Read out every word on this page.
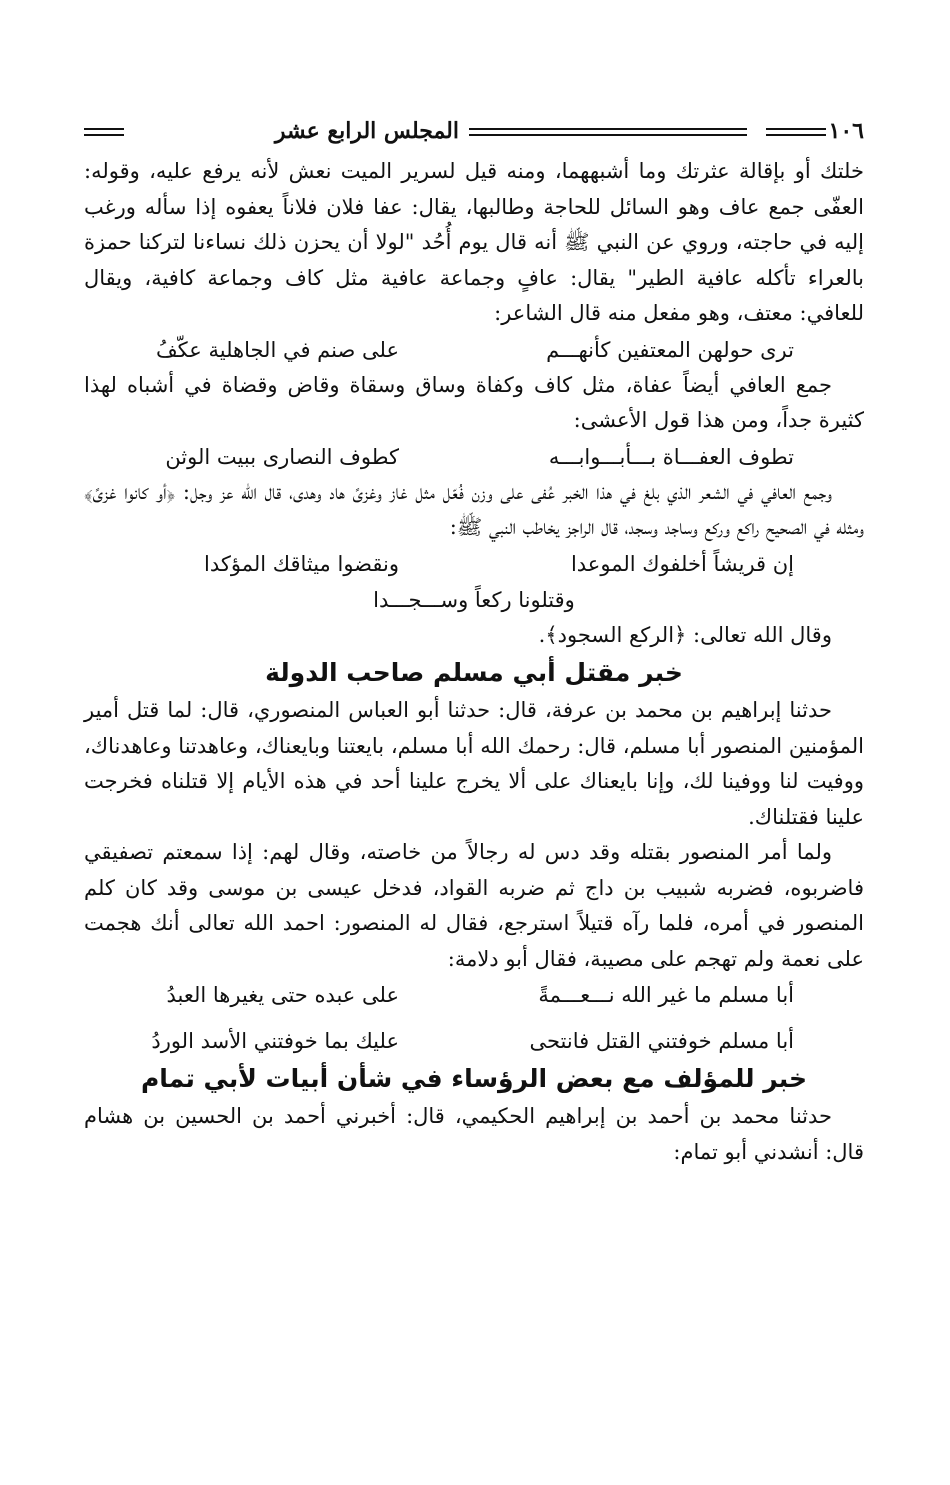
١٠٦
المجلس الرابع عشر

خلتك أو بإقالة عثرتك وما أشبههما، ومنه قيل لسرير الميت نعش لأنه يرفع عليه، وقوله: العفّى جمع عاف وهو السائل للحاجة وطالبها، يقال: عفا فلان فلاناً يعفوه إذا سأله ورغب إليه في حاجته، وروي عن النبي ﷺ أنه قال يوم أُحُد "لولا أن يحزن ذلك نساءنا لتركنا حمزة بالعراء تأكله عافية الطير" يقال: عافٍ وجماعة عافية مثل كاف وجماعة كافية، ويقال للعافي: معتف، وهو مفعل منه قال الشاعر:

ترى حولهن المعتفين كأنهـــم
على صنم في الجاهلية عكّفُ

جمع العافي أيضاً عفاة، مثل كاف وكفاة وساق وسقاة وقاض وقضاة في أشباه لهذا كثيرة جداً، ومن هذا قول الأعشى:

تطوف العفـــاة بـــأبـــوابـــه
كطوف النصارى ببيت الوثن

وجمع العافي في الشعر الذي بلغ في هذا الخبر عُفى على وزن فُعّل مثل غاز وغزىً هاد وهدى، قال الله عز وجل: ﴿أو كانوا غزىً﴾ ومثله في الصحيح راكع وركع وساجد وسجد، قال الراجز يخاطب النبي ﷺ:

إن قريشاً أخلفوك الموعدا
ونقضوا ميثاقك المؤكدا
وقتلونا ركعاً وســـجـــدا

وقال الله تعالى: ﴿الركع السجود﴾.

خبر مقتل أبي مسلم صاحب الدولة

حدثنا إبراهيم بن محمد بن عرفة، قال: حدثنا أبو العباس المنصوري، قال: لما قتل أمير المؤمنين المنصور أبا مسلم، قال: رحمك الله أبا مسلم، بايعتنا وبايعناك، وعاهدتنا وعاهدناك، ووفيت لنا ووفينا لك، وإنا بايعناك على ألا يخرج علينا أحد في هذه الأيام إلا قتلناه فخرجت علينا فقتلناك.

ولما أمر المنصور بقتله وقد دس له رجالاً من خاصته، وقال لهم: إذا سمعتم تصفيقي فاضربوه، فضربه شبيب بن داج ثم ضربه القواد، فدخل عيسى بن موسى وقد كان كلم المنصور في أمره، فلما رآه قتيلاً استرجع، فقال له المنصور: احمد الله تعالى أنك هجمت على نعمة ولم تهجم على مصيبة، فقال أبو دلامة:

أبا مسلم ما غير الله نـــعـــمةً
على عبده حتى يغيرها العبدُ
أبا مسلم خوفتني القتل فانتحى
عليك بما خوفتني الأسد الوردُ
خبر للمؤلف مع بعض الرؤساء في شأن أبيات لأبي تمام

حدثنا محمد بن أحمد بن إبراهيم الحكيمي، قال: أخبرني أحمد بن الحسين بن هشام قال: أنشدني أبو تمام:
